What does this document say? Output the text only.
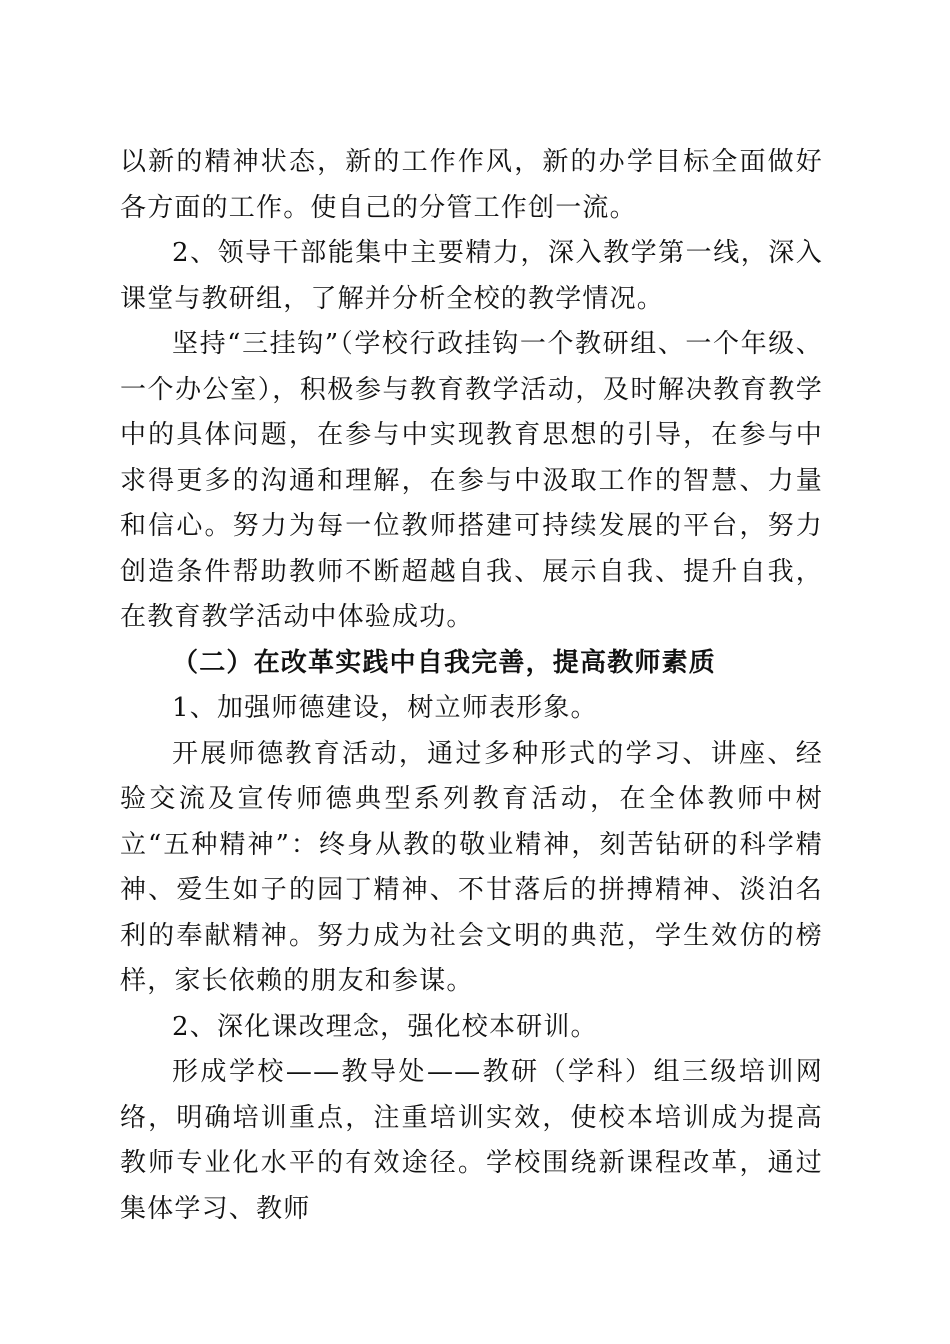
以新的精神状态，新的工作作风，新的办学目标全面做好各方面的工作。使自己的分管工作创一流。

2、领导干部能集中主要精力，深入教学第一线，深入课堂与教研组，了解并分析全校的教学情况。

坚持“三挂钩”（学校行政挂钩一个教研组、一个年级、一个办公室），积极参与教育教学活动，及时解决教育教学中的具体问题，在参与中实现教育思想的引导，在参与中求得更多的沟通和理解，在参与中汲取工作的智慧、力量和信心。努力为每一位教师搭建可持续发展的平台，努力创造条件帮助教师不断超越自我、展示自我、提升自我，在教育教学活动中体验成功。

（二）在改革实践中自我完善，提高教师素质

1、加强师德建设，树立师表形象。

开展师德教育活动，通过多种形式的学习、讲座、经验交流及宣传师德典型系列教育活动，在全体教师中树立“五种精神”：终身从教的敬业精神，刻苦钻研的科学精神、爱生如子的园丁精神、不甘落后的拼搏精神、淡泊名利的奉献精神。努力成为社会文明的典范，学生效仿的榜样，家长依赖的朋友和参谋。

2、深化课改理念，强化校本研训。

形成学校——教导处——教研（学科）组三级培训网络，明确培训重点，注重培训实效，使校本培训成为提高教师专业化水平的有效途径。学校围绕新课程改革，通过集体学习、教师
